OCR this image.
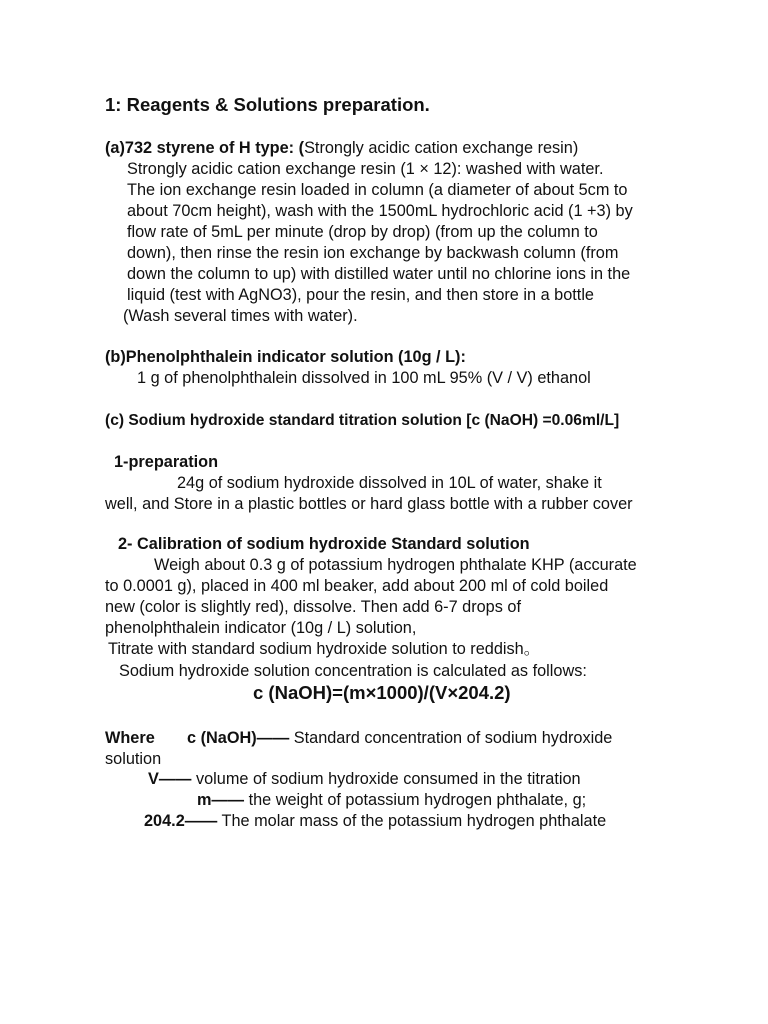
1: Reagents & Solutions preparation.
(a)732 styrene of H type: (Strongly acidic cation exchange resin)
Strongly acidic cation exchange resin (1 × 12): washed with water.
The ion exchange resin loaded in column (a diameter of about 5cm to
about 70cm height), wash with the 1500mL hydrochloric acid (1 +3) by
flow rate of 5mL per minute (drop by drop) (from up the column to
down), then rinse the resin ion exchange by backwash column (from
down the column to up) with distilled water until no chlorine ions in the
liquid (test with AgNO3), pour the resin, and then store in a bottle
(Wash several times with water).
(b)Phenolphthalein indicator solution (10g / L):
1 g of phenolphthalein dissolved in 100 mL 95% (V / V) ethanol
(c) Sodium hydroxide standard titration solution [c (NaOH) =0.06ml/L]
1-preparation
24g of sodium hydroxide dissolved in 10L of water, shake it
well, and Store in a plastic bottles or hard glass bottle with a rubber cover
2- Calibration of sodium hydroxide Standard solution
Weigh about 0.3 g of potassium hydrogen phthalate KHP (accurate
to 0.0001 g), placed in 400 ml beaker, add about 200 ml of cold boiled
new (color is slightly red), dissolve. Then add 6-7 drops of
phenolphthalein indicator (10g / L) solution,
Titrate with standard sodium hydroxide solution to reddish。
Sodium hydroxide solution concentration is calculated as follows:
c (NaOH)=(m×1000)/(V×204.2)
Where c (NaOH)—— Standard concentration of sodium hydroxide
solution
V—— volume of sodium hydroxide consumed in the titration
m—— the weight of potassium hydrogen phthalate, g;
204.2—— The molar mass of the potassium hydrogen phthalate
